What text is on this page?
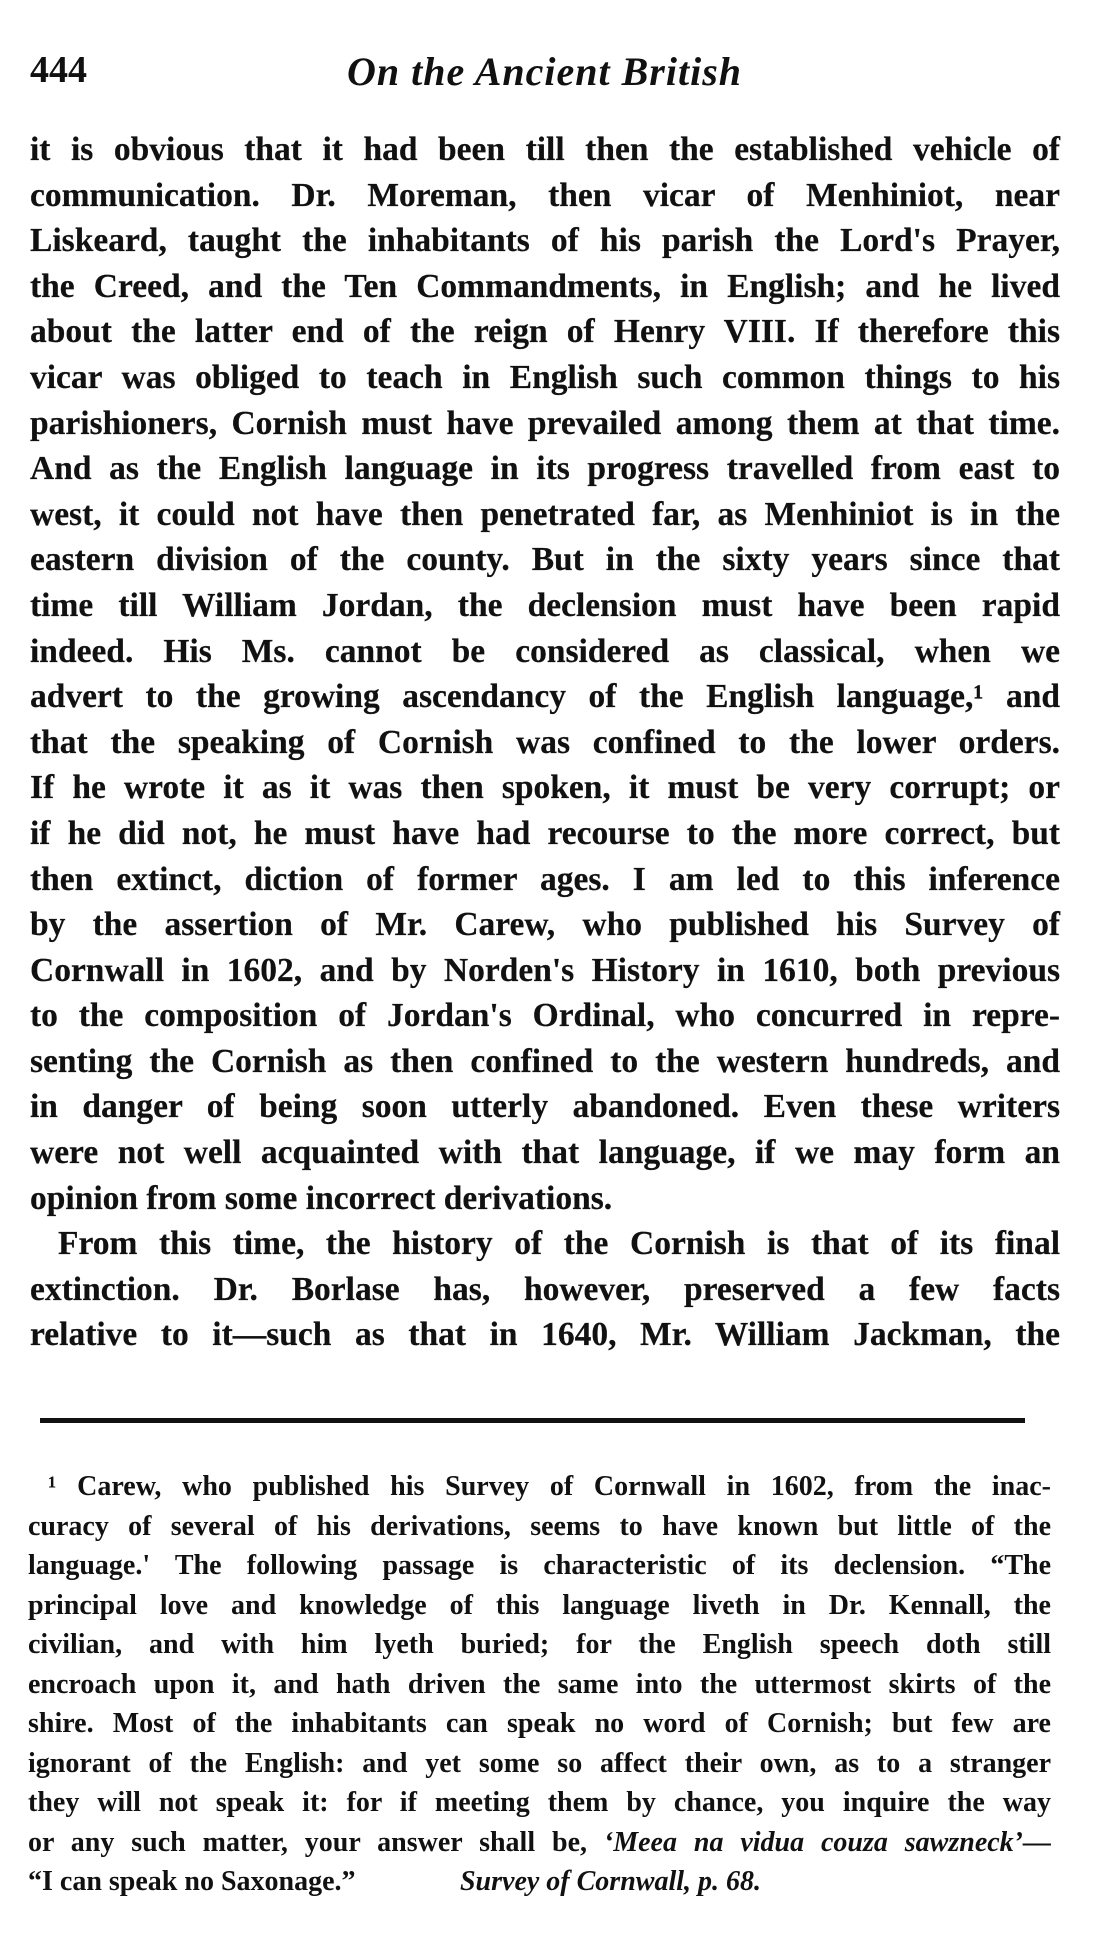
444	On the Ancient British
it is obvious that it had been till then the established vehicle of
communication. Dr. Moreman, then vicar of Menhiniot, near
Liskeard, taught the inhabitants of his parish the Lord's Prayer,
the Creed, and the Ten Commandments, in English; and he lived
about the latter end of the reign of Henry VIII. If therefore this
vicar was obliged to teach in English such common things to his
parishioners, Cornish must have prevailed among them at that time.
And as the English language in its progress travelled from east to
west, it could not have then penetrated far, as Menhiniot is in the
eastern division of the county. But in the sixty years since that
time till William Jordan, the declension must have been rapid
indeed. His Ms. cannot be considered as classical, when we
advert to the growing ascendancy of the English language,¹ and
that the speaking of Cornish was confined to the lower orders.
If he wrote it as it was then spoken, it must be very corrupt; or
if he did not, he must have had recourse to the more correct, but
then extinct, diction of former ages. I am led to this inference
by the assertion of Mr. Carew, who published his Survey of
Cornwall in 1602, and by Norden's History in 1610, both previous
to the composition of Jordan's Ordinal, who concurred in repre-
senting the Cornish as then confined to the western hundreds, and
in danger of being soon utterly abandoned. Even these writers
were not well acquainted with that language, if we may form an
opinion from some incorrect derivations.
From this time, the history of the Cornish is that of its final
extinction. Dr. Borlase has, however, preserved a few facts
relative to it—such as that in 1640, Mr. William Jackman, the
¹ Carew, who published his Survey of Cornwall in 1602, from the inac-
curacy of several of his derivations, seems to have known but little of the
language.' The following passage is characteristic of its declension. “The
principal love and knowledge of this language liveth in Dr. Kennall, the
civilian, and with him lyeth buried; for the English speech doth still
encroach upon it, and hath driven the same into the uttermost skirts of the
shire. Most of the inhabitants can speak no word of Cornish; but few are
ignorant of the English: and yet some so affect their own, as to a stranger
they will not speak it: for if meeting them by chance, you inquire the way
or any such matter, your answer shall be, ‘Meea na vidua couza sawzneck’—
“I can speak no Saxonage.”	Survey of Cornwall, p. 68.
